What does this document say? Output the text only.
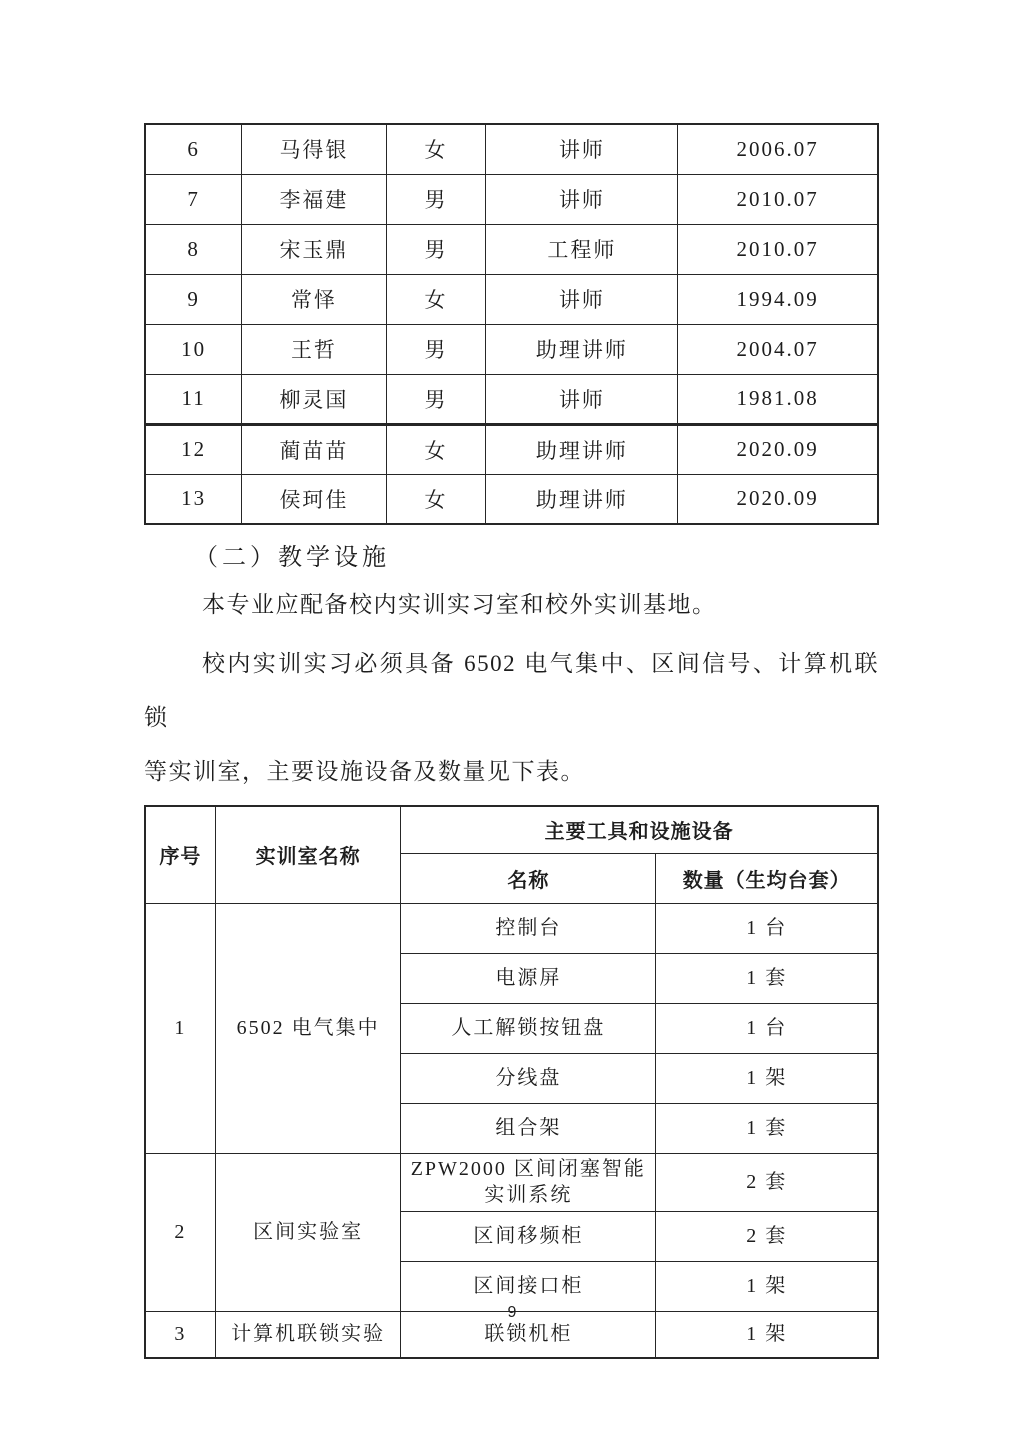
6	马得银	女	讲师	2006.07
7	李福建	男	讲师	2010.07
8	宋玉鼎	男	工程师	2010.07
9	常怿	女	讲师	1994.09
10	王哲	男	助理讲师	2004.07
11	柳灵国	男	讲师	1981.08
12	蔺苗苗	女	助理讲师	2020.09
13	侯珂佳	女	助理讲师	2020.09
（二）教学设施

本专业应配备校内实训实习室和校外实训基地。

校内实训实习必须具备 6502 电气集中、区间信号、计算机联锁
等实训室，主要设施设备及数量见下表。
序号	实训室名称	主要工具和设施设备	
		名称	数量（生均台套）
1	6502 电气集中	控制台	1 台
		电源屏	1 套
		人工解锁按钮盘	1 台
		分线盘	1 架
		组合架	1 套
2	区间实验室	ZPW2000 区间闭塞智能实训系统	2 套
		区间移频柜	2 套
		区间接口柜	1 架
3	计算机联锁实验	联锁机柜	1 架
9
